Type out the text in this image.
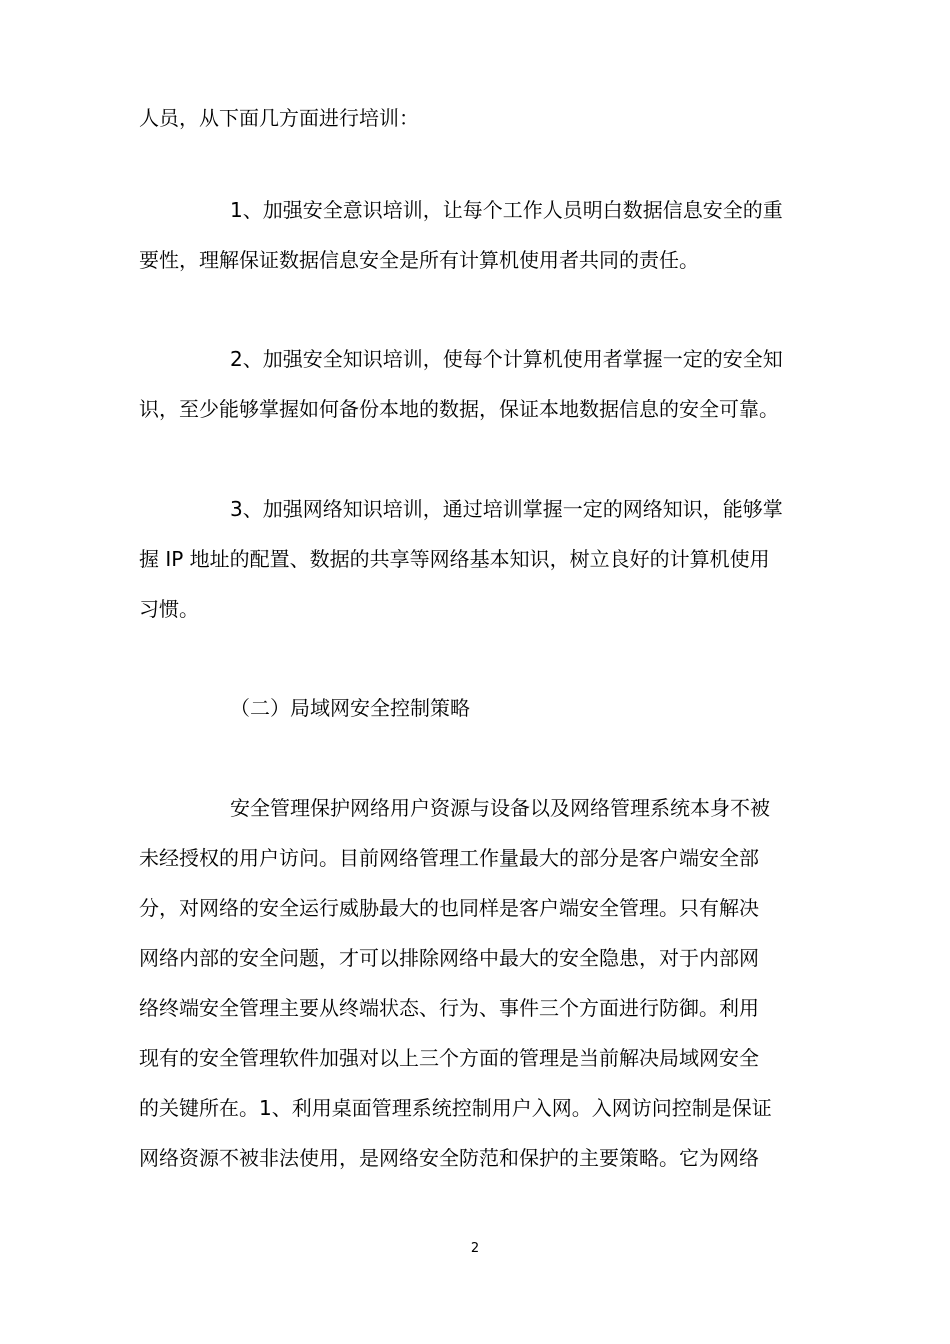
人员，从下面几方面进行培训：
1、加强安全意识培训，让每个工作人员明白数据信息安全的重
要性，理解保证数据信息安全是所有计算机使用者共同的责任。
2、加强安全知识培训，使每个计算机使用者掌握一定的安全知
识，至少能够掌握如何备份本地的数据，保证本地数据信息的安全可靠。
3、加强网络知识培训，通过培训掌握一定的网络知识，能够掌
握 IP 地址的配置、数据的共享等网络基本知识，树立良好的计算机使用
习惯。
（二）局域网安全控制策略
安全管理保护网络用户资源与设备以及网络管理系统本身不被
未经授权的用户访问。目前网络管理工作量最大的部分是客户端安全部
分，对网络的安全运行威胁最大的也同样是客户端安全管理。只有解决
网络内部的安全问题，才可以排除网络中最大的安全隐患，对于内部网
络终端安全管理主要从终端状态、行为、事件三个方面进行防御。利用
现有的安全管理软件加强对以上三个方面的管理是当前解决局域网安全
的关键所在。1、利用桌面管理系统控制用户入网。入网访问控制是保证
网络资源不被非法使用，是网络安全防范和保护的主要策略。它为网络
2
